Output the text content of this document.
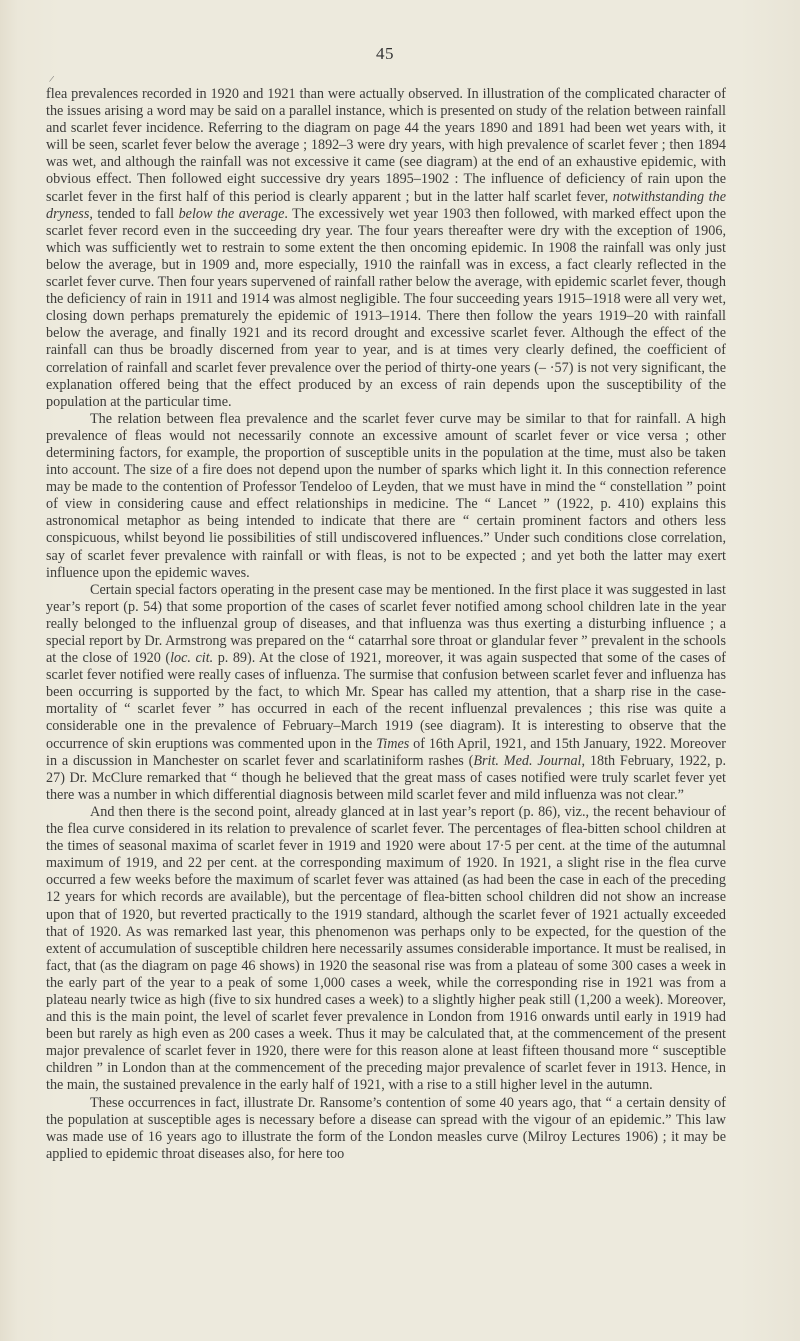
/
45

flea prevalences recorded in 1920 and 1921 than were actually observed. In illustration of the complicated character of the issues arising a word may be said on a parallel instance, which is presented on study of the relation between rainfall and scarlet fever incidence. Referring to the diagram on page 44 the years 1890 and 1891 had been wet years with, it will be seen, scarlet fever below the average ; 1892–3 were dry years, with high prevalence of scarlet fever ; then 1894 was wet, and although the rainfall was not excessive it came (see diagram) at the end of an exhaustive epidemic, with obvious effect. Then followed eight successive dry years 1895–1902 : The influence of deficiency of rain upon the scarlet fever in the first half of this period is clearly apparent ; but in the latter half scarlet fever, notwithstanding the dryness, tended to fall below the average. The excessively wet year 1903 then followed, with marked effect upon the scarlet fever record even in the succeeding dry year. The four years thereafter were dry with the exception of 1906, which was sufficiently wet to restrain to some extent the then oncoming epidemic. In 1908 the rainfall was only just below the average, but in 1909 and, more especially, 1910 the rainfall was in excess, a fact clearly reflected in the scarlet fever curve. Then four years supervened of rainfall rather below the average, with epidemic scarlet fever, though the deficiency of rain in 1911 and 1914 was almost negligible. The four succeeding years 1915–1918 were all very wet, closing down perhaps prematurely the epidemic of 1913–1914. There then follow the years 1919–20 with rainfall below the average, and finally 1921 and its record drought and excessive scarlet fever. Although the effect of the rainfall can thus be broadly discerned from year to year, and is at times very clearly defined, the coefficient of correlation of rainfall and scarlet fever prevalence over the period of thirty-one years (– ·57) is not very significant, the explanation offered being that the effect produced by an excess of rain depends upon the susceptibility of the population at the particular time.

The relation between flea prevalence and the scarlet fever curve may be similar to that for rainfall. A high prevalence of fleas would not necessarily connote an excessive amount of scarlet fever or vice versa ; other determining factors, for example, the proportion of susceptible units in the population at the time, must also be taken into account. The size of a fire does not depend upon the number of sparks which light it. In this connection reference may be made to the contention of Professor Tendeloo of Leyden, that we must have in mind the “ constellation ” point of view in considering cause and effect relationships in medicine. The “ Lancet ” (1922, p. 410) explains this astronomical metaphor as being intended to indicate that there are “ certain prominent factors and others less conspicuous, whilst beyond lie possibilities of still undiscovered influences.” Under such conditions close correlation, say of scarlet fever prevalence with rainfall or with fleas, is not to be expected ; and yet both the latter may exert influence upon the epidemic waves.

Certain special factors operating in the present case may be mentioned. In the first place it was suggested in last year’s report (p. 54) that some proportion of the cases of scarlet fever notified among school children late in the year really belonged to the influenzal group of diseases, and that influenza was thus exerting a disturbing influence ; a special report by Dr. Armstrong was prepared on the “ catarrhal sore throat or glandular fever ” prevalent in the schools at the close of 1920 (loc. cit. p. 89). At the close of 1921, moreover, it was again suspected that some of the cases of scarlet fever notified were really cases of influenza. The surmise that confusion between scarlet fever and influenza has been occurring is supported by the fact, to which Mr. Spear has called my attention, that a sharp rise in the case-mortality of “ scarlet fever ” has occurred in each of the recent influenzal prevalences ; this rise was quite a considerable one in the prevalence of February–March 1919 (see diagram). It is interesting to observe that the occurrence of skin eruptions was commented upon in the Times of 16th April, 1921, and 15th January, 1922. Moreover in a discussion in Manchester on scarlet fever and scarlatiniform rashes (Brit. Med. Journal, 18th February, 1922, p. 27) Dr. McClure remarked that “ though he believed that the great mass of cases notified were truly scarlet fever yet there was a number in which differential diagnosis between mild scarlet fever and mild influenza was not clear.”

And then there is the second point, already glanced at in last year’s report (p. 86), viz., the recent behaviour of the flea curve considered in its relation to prevalence of scarlet fever. The percentages of flea-bitten school children at the times of seasonal maxima of scarlet fever in 1919 and 1920 were about 17·5 per cent. at the time of the autumnal maximum of 1919, and 22 per cent. at the corresponding maximum of 1920. In 1921, a slight rise in the flea curve occurred a few weeks before the maximum of scarlet fever was attained (as had been the case in each of the preceding 12 years for which records are available), but the percentage of flea-bitten school children did not show an increase upon that of 1920, but reverted practically to the 1919 standard, although the scarlet fever of 1921 actually exceeded that of 1920. As was remarked last year, this phenomenon was perhaps only to be expected, for the question of the extent of accumulation of susceptible children here necessarily assumes considerable importance. It must be realised, in fact, that (as the diagram on page 46 shows) in 1920 the seasonal rise was from a plateau of some 300 cases a week in the early part of the year to a peak of some 1,000 cases a week, while the corresponding rise in 1921 was from a plateau nearly twice as high (five to six hundred cases a week) to a slightly higher peak still (1,200 a week). Moreover, and this is the main point, the level of scarlet fever prevalence in London from 1916 onwards until early in 1919 had been but rarely as high even as 200 cases a week. Thus it may be calculated that, at the commencement of the present major prevalence of scarlet fever in 1920, there were for this reason alone at least fifteen thousand more “ susceptible children ” in London than at the commencement of the preceding major prevalence of scarlet fever in 1913. Hence, in the main, the sustained prevalence in the early half of 1921, with a rise to a still higher level in the autumn.

These occurrences in fact, illustrate Dr. Ransome’s contention of some 40 years ago, that “ a certain density of the population at susceptible ages is necessary before a disease can spread with the vigour of an epidemic.” This law was made use of 16 years ago to illustrate the form of the London measles curve (Milroy Lectures 1906) ; it may be applied to epidemic throat diseases also, for here too
